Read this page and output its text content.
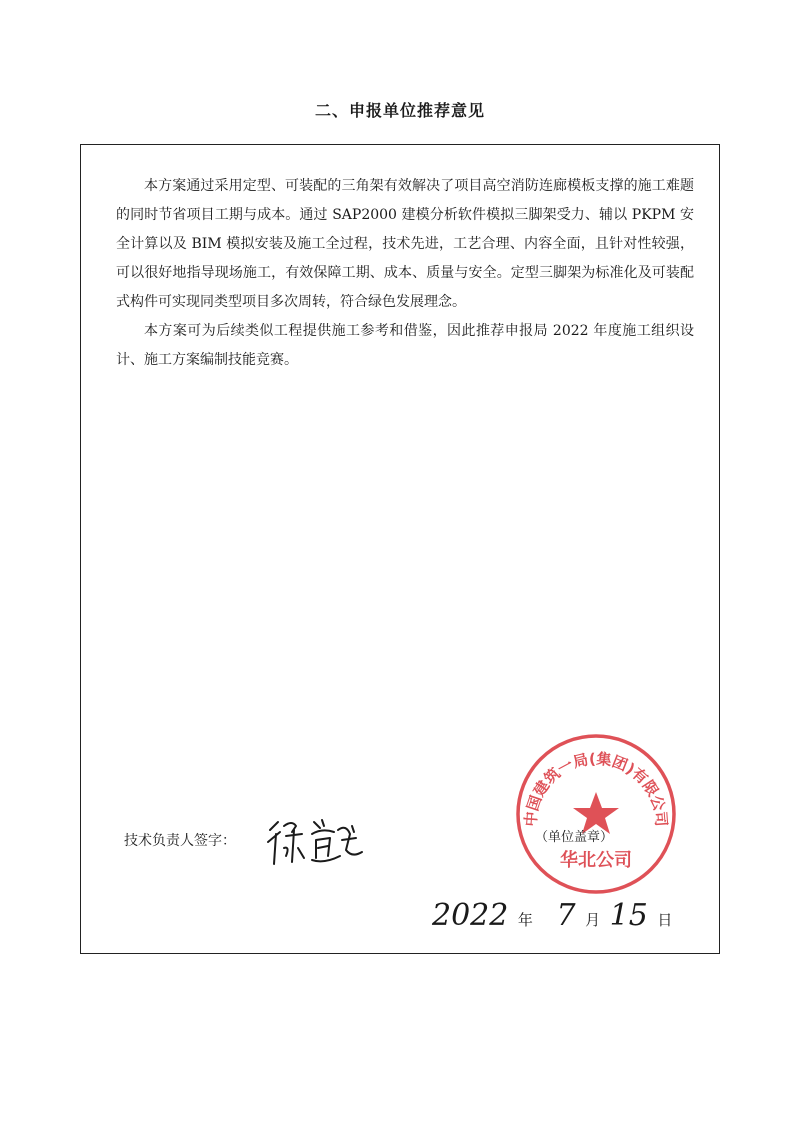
二、申报单位推荐意见

本方案通过采用定型、可装配的三角架有效解决了项目高空消防连廊模板支撑的施工难题的同时节省项目工期与成本。通过 SAP2000 建模分析软件模拟三脚架受力、辅以 PKPM 安全计算以及 BIM 模拟安装及施工全过程，技术先进，工艺合理、内容全面，且针对性较强，可以很好地指导现场施工，有效保障工期、成本、质量与安全。定型三脚架为标准化及可装配式构件可实现同类型项目多次周转，符合绿色发展理念。

本方案可为后续类似工程提供施工参考和借鉴，因此推荐申报局 2022 年度施工组织设计、施工方案编制技能竞赛。

技术负责人签字：
中国建筑一局(集团)有限公司
华北公司
（单位盖章）
2022 年 7 月 15 日
